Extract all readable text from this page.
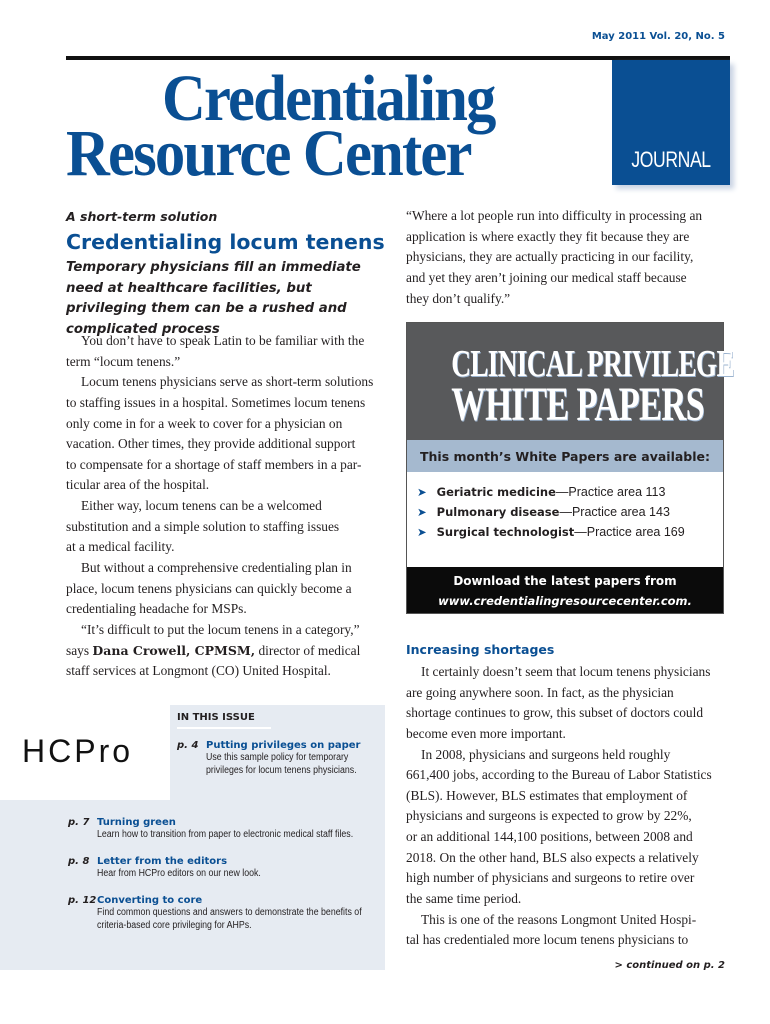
May 2011 Vol. 20, No. 5
Credentialing
Resource Center	JOURNAL
A short-term solution
Credentialing locum tenens
Temporary physicians fill an immediate need at healthcare facilities, but privileging them can be a rushed and complicated process
You don’t have to speak Latin to be familiar with the
term “locum tenens.”
Locum tenens physicians serve as short-term solutions
to staffing issues in a hospital. Sometimes locum tenens
only come in for a week to cover for a physician on
vacation. Other times, they provide additional support
to compensate for a shortage of staff members in a par-
ticular area of the hospital.
Either way, locum tenens can be a welcomed
substitution and a simple solution to staffing issues
at a medical facility.
But without a comprehensive credentialing plan in
place, locum tenens physicians can quickly become a
credentialing headache for MSPs.
“It’s difficult to put the locum tenens in a category,”
says Dana Crowell, CPMSM, director of medical
staff services at Longmont (CO) United Hospital.
“Where a lot people run into difficulty in processing an
application is where exactly they fit because they are
physicians, they are actually practicing in our facility,
and yet they aren’t joining our medical staff because
they don’t qualify.”
CLINICAL PRIVILEGE
WHITE PAPERS
This month’s White Papers are available:
➤ Geriatric medicine—Practice area 113
➤ Pulmonary disease—Practice area 143
➤ Surgical technologist—Practice area 169
Download the latest papers from
www.credentialingresourcecenter.com.
Increasing shortages
It certainly doesn’t seem that locum tenens physicians
are going anywhere soon. In fact, as the physician
shortage continues to grow, this subset of doctors could
become even more important.
In 2008, physicians and surgeons held roughly
661,400 jobs, according to the Bureau of Labor Statistics
(BLS). However, BLS estimates that employment of
physicians and surgeons is expected to grow by 22%,
or an additional 144,100 positions, between 2008 and
2018. On the other hand, BLS also expects a relatively
high number of physicians and surgeons to retire over
the same time period.
This is one of the reasons Longmont United Hospi-
tal has credentialed more locum tenens physicians to
IN THIS ISSUE
HCPro	p. 4 Putting privileges on paper
Use this sample policy for temporary
privileges for locum tenens physicians.
p. 7 Turning green
Learn how to transition from paper to electronic medical staff files.
p. 8 Letter from the editors
Hear from HCPro editors on our new look.
p. 12 Converting to core
Find common questions and answers to demonstrate the benefits of
criteria-based core privileging for AHPs.
> continued on p. 2
